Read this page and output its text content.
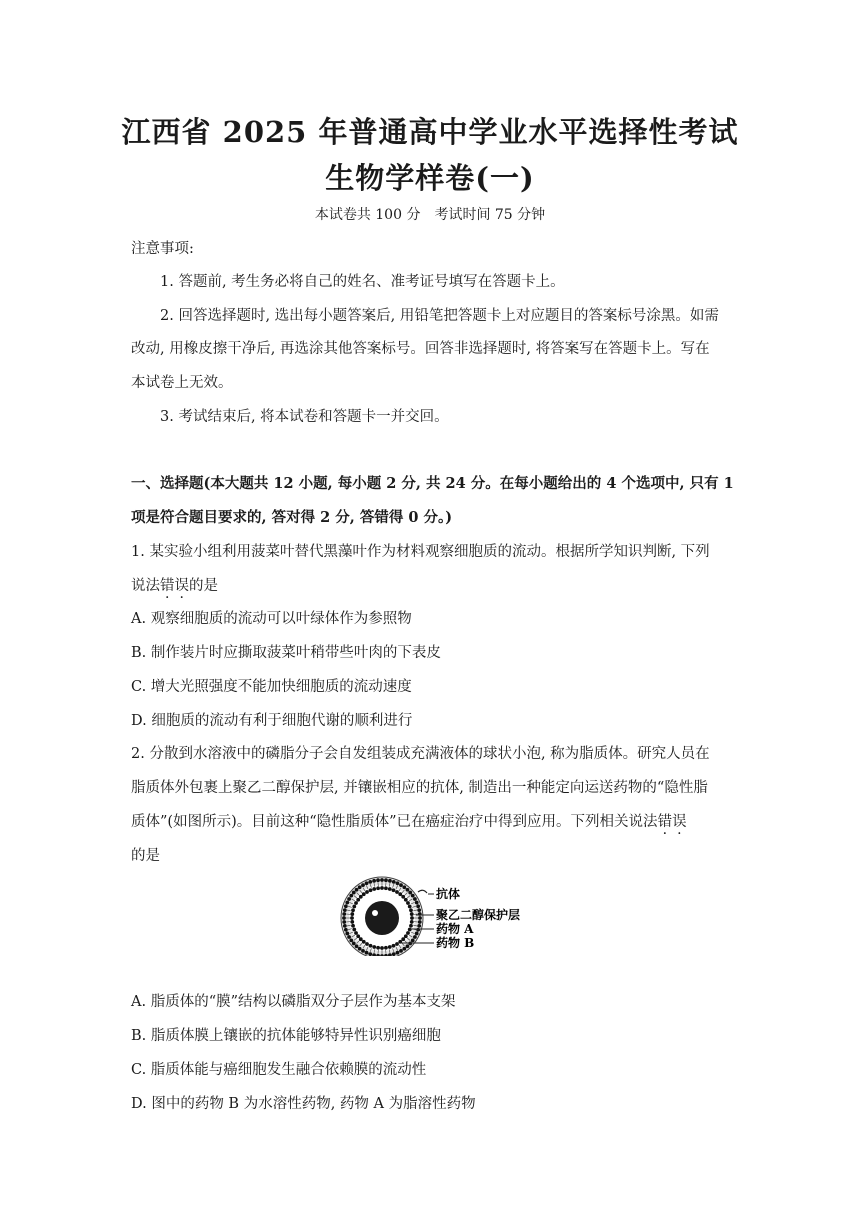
江西省 2025 年普通高中学业水平选择性考试
生物学样卷(一)
本试卷共 100 分　考试时间 75 分钟
注意事项:
1. 答题前, 考生务必将自己的姓名、准考证号填写在答题卡上。
2. 回答选择题时, 选出每小题答案后, 用铅笔把答题卡上对应题目的答案标号涂黑。如需
改动, 用橡皮擦干净后, 再选涂其他答案标号。回答非选择题时, 将答案写在答题卡上。写在
本试卷上无效。
3. 考试结束后, 将本试卷和答题卡一并交回。
一、选择题(本大题共 12 小题, 每小题 2 分, 共 24 分。在每小题给出的 4 个选项中, 只有 1
项是符合题目要求的, 答对得 2 分, 答错得 0 分。)
1. 某实验小组利用菠菜叶替代黑藻叶作为材料观察细胞质的流动。根据所学知识判断, 下列
说法错误的是
A. 观察细胞质的流动可以叶绿体作为参照物
B. 制作装片时应撕取菠菜叶稍带些叶肉的下表皮
C. 增大光照强度不能加快细胞质的流动速度
D. 细胞质的流动有利于细胞代谢的顺利进行
2. 分散到水溶液中的磷脂分子会自发组装成充满液体的球状小泡, 称为脂质体。研究人员在
脂质体外包裹上聚乙二醇保护层, 并镶嵌相应的抗体, 制造出一种能定向运送药物的“隐性脂
质体”(如图所示)。目前这种“隐性脂质体”已在癌症治疗中得到应用。下列相关说法错误
的是
抗体
聚乙二醇保护层
药物 A
药物 B
A. 脂质体的“膜”结构以磷脂双分子层作为基本支架
B. 脂质体膜上镶嵌的抗体能够特异性识别癌细胞
C. 脂质体能与癌细胞发生融合依赖膜的流动性
D. 图中的药物 B 为水溶性药物, 药物 A 为脂溶性药物
